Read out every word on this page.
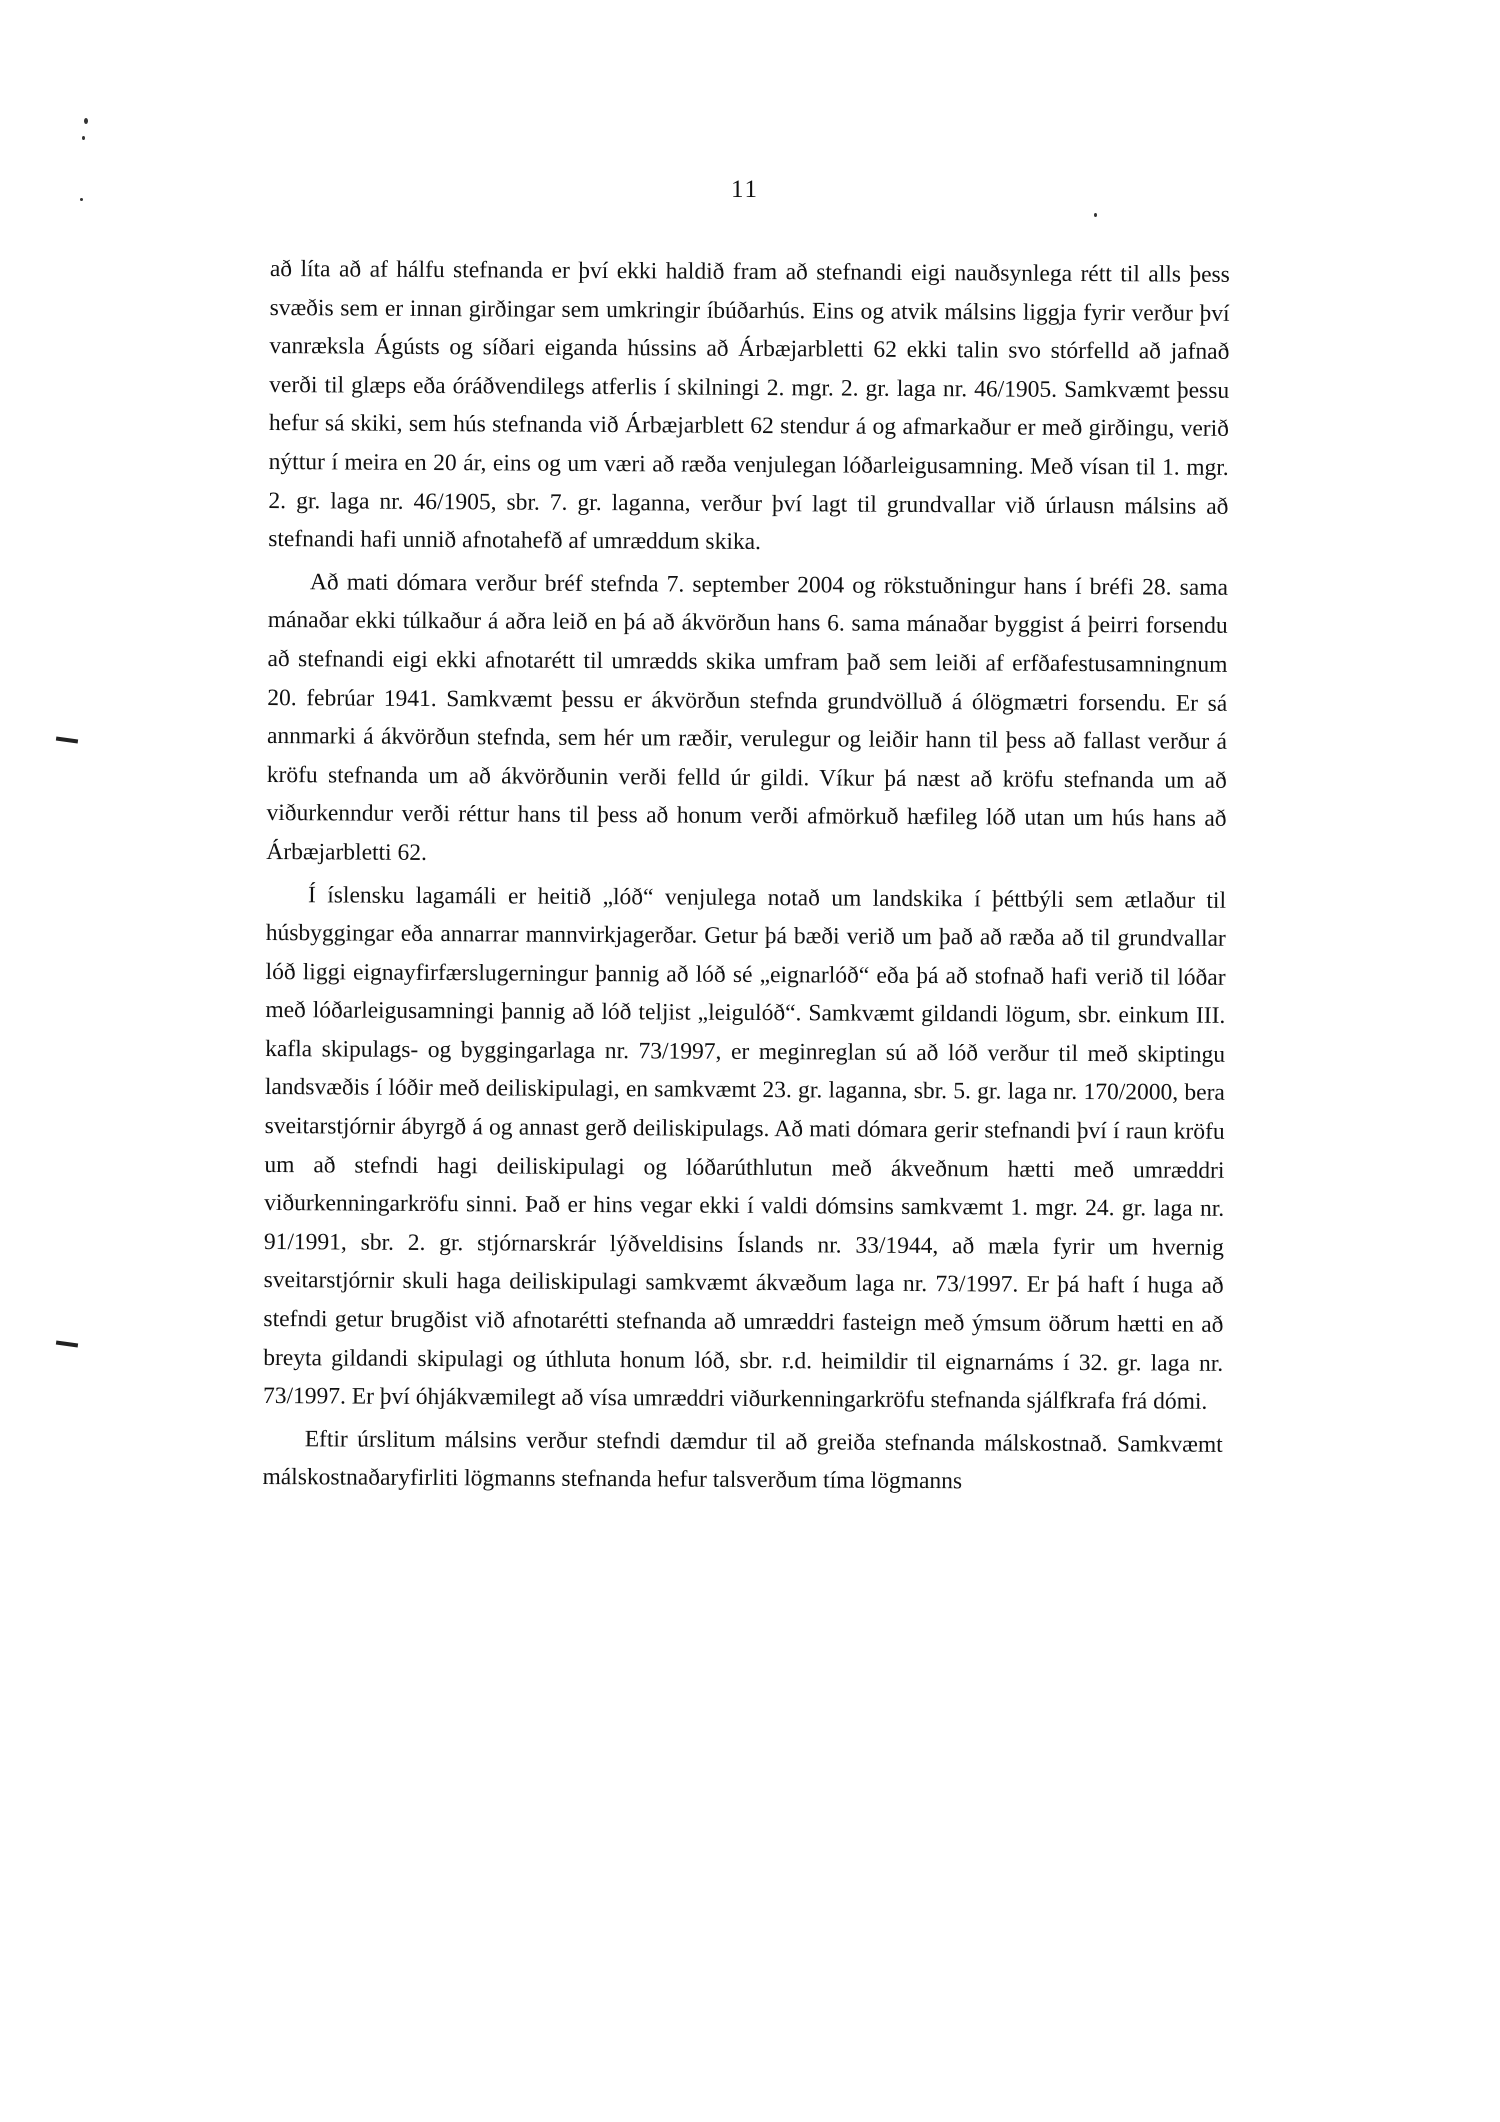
11

að líta að af hálfu stefnanda er því ekki haldið fram að stefnandi eigi nauðsynlega rétt til alls þess svæðis sem er innan girðingar sem umkringir íbúðarhús. Eins og atvik málsins liggja fyrir verður því vanræksla Ágústs og síðari eiganda hússins að Árbæjarbletti 62 ekki talin svo stórfelld að jafnað verði til glæps eða óráðvendilegs atferlis í skilningi 2. mgr. 2. gr. laga nr. 46/1905. Samkvæmt þessu hefur sá skiki, sem hús stefnanda við Árbæjarblett 62 stendur á og afmarkaður er með girðingu, verið nýttur í meira en 20 ár, eins og um væri að ræða venjulegan lóðarleigusamning. Með vísan til 1. mgr. 2. gr. laga nr. 46/1905, sbr. 7. gr. laganna, verður því lagt til grundvallar við úrlausn málsins að stefnandi hafi unnið afnotahefð af umræddum skika.

Að mati dómara verður bréf stefnda 7. september 2004 og rökstuðningur hans í bréfi 28. sama mánaðar ekki túlkaður á aðra leið en þá að ákvörðun hans 6. sama mánaðar byggist á þeirri forsendu að stefnandi eigi ekki afnotarétt til umrædds skika umfram það sem leiði af erfðafestusamningnum 20. febrúar 1941. Samkvæmt þessu er ákvörðun stefnda grundvölluð á ólögmætri forsendu. Er sá annmarki á ákvörðun stefnda, sem hér um ræðir, verulegur og leiðir hann til þess að fallast verður á kröfu stefnanda um að ákvörðunin verði felld úr gildi. Víkur þá næst að kröfu stefnanda um að viðurkenndur verði réttur hans til þess að honum verði afmörkuð hæfileg lóð utan um hús hans að Árbæjarbletti 62.

Í íslensku lagamáli er heitið „lóð“ venjulega notað um landskika í þéttbýli sem ætlaður til húsbyggingar eða annarrar mannvirkjagerðar. Getur þá bæði verið um það að ræða að til grundvallar lóð liggi eignayfirfærslugerningur þannig að lóð sé „eignarlóð“ eða þá að stofnað hafi verið til lóðar með lóðarleigusamningi þannig að lóð teljist „leigulóð“. Samkvæmt gildandi lögum, sbr. einkum III. kafla skipulags- og byggingarlaga nr. 73/1997, er meginreglan sú að lóð verður til með skiptingu landsvæðis í lóðir með deiliskipulagi, en samkvæmt 23. gr. laganna, sbr. 5. gr. laga nr. 170/2000, bera sveitarstjórnir ábyrgð á og annast gerð deiliskipulags. Að mati dómara gerir stefnandi því í raun kröfu um að stefndi hagi deiliskipulagi og lóðarúthlutun með ákveðnum hætti með umræddri viðurkenningarkröfu sinni. Það er hins vegar ekki í valdi dómsins samkvæmt 1. mgr. 24. gr. laga nr. 91/1991, sbr. 2. gr. stjórnarskrár lýðveldisins Íslands nr. 33/1944, að mæla fyrir um hvernig sveitarstjórnir skuli haga deiliskipulagi samkvæmt ákvæðum laga nr. 73/1997. Er þá haft í huga að stefndi getur brugðist við afnotarétti stefnanda að umræddri fasteign með ýmsum öðrum hætti en að breyta gildandi skipulagi og úthluta honum lóð, sbr. r.d. heimildir til eignarnáms í 32. gr. laga nr. 73/1997. Er því óhjákvæmilegt að vísa umræddri viðurkenningarkröfu stefnanda sjálfkrafa frá dómi.

Eftir úrslitum málsins verður stefndi dæmdur til að greiða stefnanda málskostnað. Samkvæmt málskostnaðaryfirliti lögmanns stefnanda hefur talsverðum tíma lögmanns
